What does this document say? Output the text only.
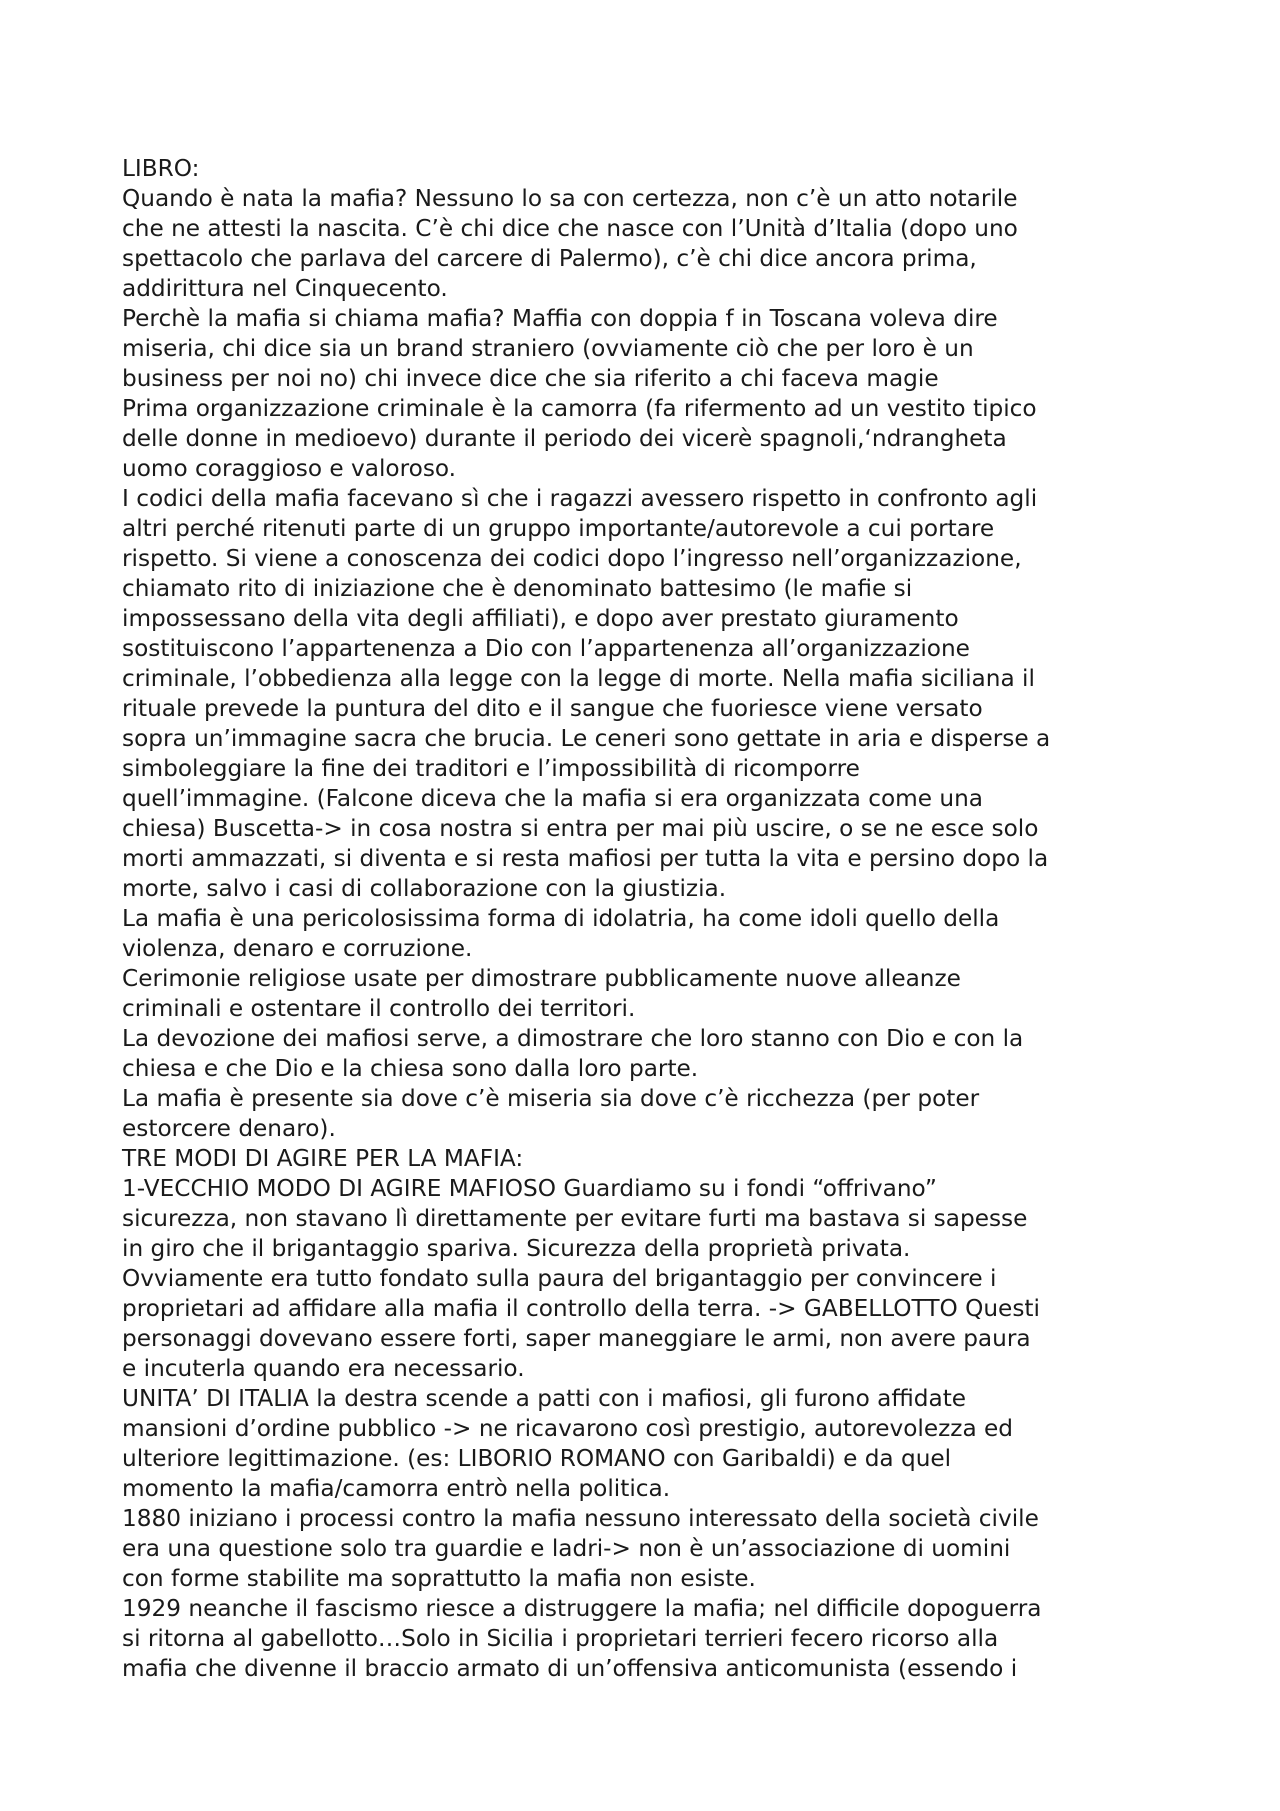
LIBRO:
Quando è nata la mafia? Nessuno lo sa con certezza, non c’è un atto notarile
che ne attesti la nascita. C’è chi dice che nasce con l’Unità d’Italia (dopo uno
spettacolo che parlava del carcere di Palermo), c’è chi dice ancora prima,
addirittura nel Cinquecento.
Perchè la mafia si chiama mafia? Maffia con doppia f in Toscana voleva dire
miseria, chi dice sia un brand straniero (ovviamente ciò che per loro è un
business per noi no) chi invece dice che sia riferito a chi faceva magie
Prima organizzazione criminale è la camorra (fa rifermento ad un vestito tipico
delle donne in medioevo) durante il periodo dei vicerè spagnoli,‘ndrangheta
uomo coraggioso e valoroso.
I codici della mafia facevano sì che i ragazzi avessero rispetto in confronto agli
altri perché ritenuti parte di un gruppo importante/autorevole a cui portare
rispetto. Si viene a conoscenza dei codici dopo l’ingresso nell’organizzazione,
chiamato rito di iniziazione che è denominato battesimo (le mafie si
impossessano della vita degli affiliati), e dopo aver prestato giuramento
sostituiscono l’appartenenza a Dio con l’appartenenza all’organizzazione
criminale, l’obbedienza alla legge con la legge di morte. Nella mafia siciliana il
rituale prevede la puntura del dito e il sangue che fuoriesce viene versato
sopra un’immagine sacra che brucia. Le ceneri sono gettate in aria e disperse a
simboleggiare la fine dei traditori e l’impossibilità di ricomporre
quell’immagine. (Falcone diceva che la mafia si era organizzata come una
chiesa) Buscetta-> in cosa nostra si entra per mai più uscire, o se ne esce solo
morti ammazzati, si diventa e si resta mafiosi per tutta la vita e persino dopo la
morte, salvo i casi di collaborazione con la giustizia.
La mafia è una pericolosissima forma di idolatria, ha come idoli quello della
violenza, denaro e corruzione.
Cerimonie religiose usate per dimostrare pubblicamente nuove alleanze
criminali e ostentare il controllo dei territori.
La devozione dei mafiosi serve, a dimostrare che loro stanno con Dio e con la
chiesa e che Dio e la chiesa sono dalla loro parte.
La mafia è presente sia dove c’è miseria sia dove c’è ricchezza (per poter
estorcere denaro).
TRE MODI DI AGIRE PER LA MAFIA:
1-VECCHIO MODO DI AGIRE MAFIOSO Guardiamo su i fondi “offrivano”
sicurezza, non stavano lì direttamente per evitare furti ma bastava si sapesse
in giro che il brigantaggio spariva. Sicurezza della proprietà privata.
Ovviamente era tutto fondato sulla paura del brigantaggio per convincere i
proprietari ad affidare alla mafia il controllo della terra. -> GABELLOTTO Questi
personaggi dovevano essere forti, saper maneggiare le armi, non avere paura
e incuterla quando era necessario.
UNITA’ DI ITALIA la destra scende a patti con i mafiosi, gli furono affidate
mansioni d’ordine pubblico -> ne ricavarono così prestigio, autorevolezza ed
ulteriore legittimazione. (es: LIBORIO ROMANO con Garibaldi) e da quel
momento la mafia/camorra entrò nella politica.
1880 iniziano i processi contro la mafia nessuno interessato della società civile
era una questione solo tra guardie e ladri-> non è un’associazione di uomini
con forme stabilite ma soprattutto la mafia non esiste.
1929 neanche il fascismo riesce a distruggere la mafia; nel difficile dopoguerra
si ritorna al gabellotto…Solo in Sicilia i proprietari terrieri fecero ricorso alla
mafia che divenne il braccio armato di un’offensiva anticomunista (essendo i
